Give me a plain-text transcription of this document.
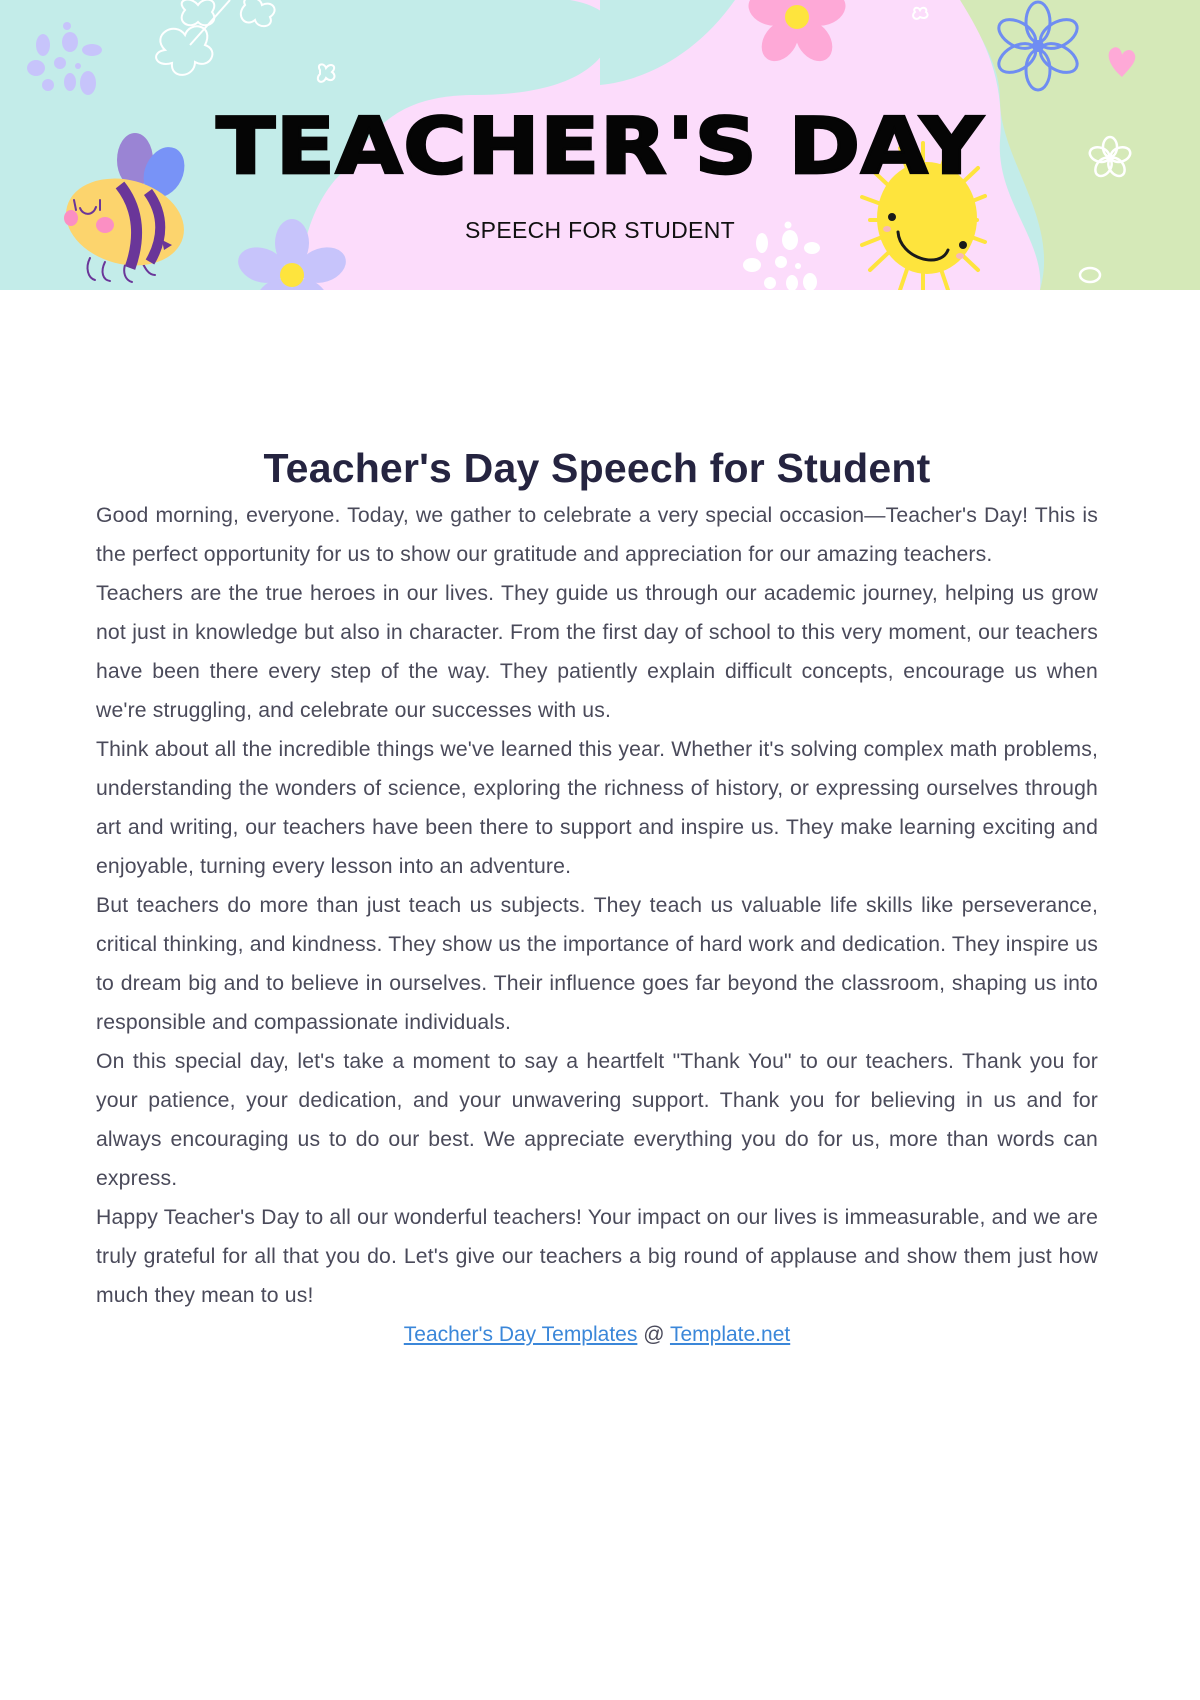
TEACHER'S DAY
SPEECH FOR STUDENT
Teacher's Day Speech for Student

Good morning, everyone. Today, we gather to celebrate a very special occasion—Teacher's Day! This is the perfect opportunity for us to show our gratitude and appreciation for our amazing teachers.

Teachers are the true heroes in our lives. They guide us through our academic journey, helping us grow not just in knowledge but also in character. From the first day of school to this very moment, our teachers have been there every step of the way. They patiently explain difficult concepts, encourage us when we're struggling, and celebrate our successes with us.

Think about all the incredible things we've learned this year. Whether it's solving complex math problems, understanding the wonders of science, exploring the richness of history, or expressing ourselves through art and writing, our teachers have been there to support and inspire us. They make learning exciting and enjoyable, turning every lesson into an adventure.

But teachers do more than just teach us subjects. They teach us valuable life skills like perseverance, critical thinking, and kindness. They show us the importance of hard work and dedication. They inspire us to dream big and to believe in ourselves. Their influence goes far beyond the classroom, shaping us into responsible and compassionate individuals.

On this special day, let's take a moment to say a heartfelt "Thank You" to our teachers. Thank you for your patience, your dedication, and your unwavering support. Thank you for believing in us and for always encouraging us to do our best. We appreciate everything you do for us, more than words can express.

Happy Teacher's Day to all our wonderful teachers! Your impact on our lives is immeasurable, and we are truly grateful for all that you do. Let's give our teachers a big round of applause and show them just how much they mean to us!

Teacher's Day Templates @ Template.net
